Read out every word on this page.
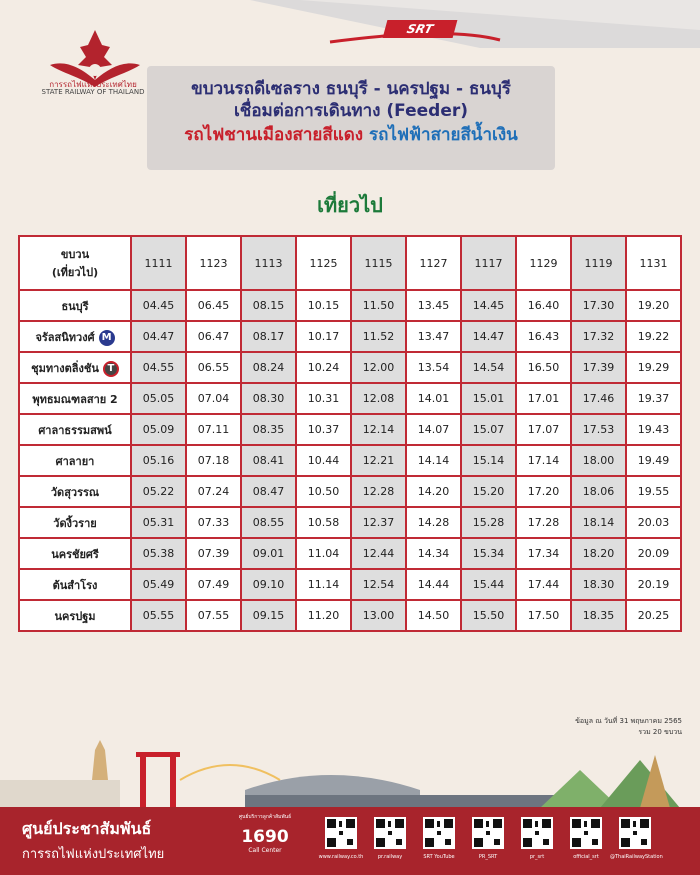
SRT
การรถไฟแห่งประเทศไทย
STATE RAILWAY OF THAILAND	ขบวนรถดีเซลราง ธนบุรี - นครปฐม - ธนบุรี
เชื่อมต่อการเดินทาง (Feeder)
รถไฟชานเมืองสายสีแดง รถไฟฟ้าสายสีน้ำเงิน
เที่ยวไป
ขบวน
(เที่ยวไป)	1111	1123	1113	1125	1115	1127	1117	1129	1119	1131
ธนบุรี	04.45	06.45	08.15	10.15	11.50	13.45	14.45	16.40	17.30	19.20
จรัลสนิทวงศ์ M	04.47	06.47	08.17	10.17	11.52	13.47	14.47	16.43	17.32	19.22
ชุมทางตลิ่งชัน T	04.55	06.55	08.24	10.24	12.00	13.54	14.54	16.50	17.39	19.29
พุทธมณฑลสาย 2	05.05	07.04	08.30	10.31	12.08	14.01	15.01	17.01	17.46	19.37
ศาลาธรรมสพน์	05.09	07.11	08.35	10.37	12.14	14.07	15.07	17.07	17.53	19.43
ศาลายา	05.16	07.18	08.41	10.44	12.21	14.14	15.14	17.14	18.00	19.49
วัดสุวรรณ	05.22	07.24	08.47	10.50	12.28	14.20	15.20	17.20	18.06	19.55
วัดงิ้วราย	05.31	07.33	08.55	10.58	12.37	14.28	15.28	17.28	18.14	20.03
นครชัยศรี	05.38	07.39	09.01	11.04	12.44	14.34	15.34	17.34	18.20	20.09
ต้นสำโรง	05.49	07.49	09.10	11.14	12.54	14.44	15.44	17.44	18.30	20.19
นครปฐม	05.55	07.55	09.15	11.20	13.00	14.50	15.50	17.50	18.35	20.25
ข้อมูล ณ วันที่ 31 พฤษภาคม 2565
รวม 20 ขบวน
ศูนย์ประชาสัมพันธ์
การรถไฟแห่งประเทศไทย
ศูนย์บริการลูกค้าสัมพันธ์
1690
Call Center
www.railway.co.th	pr.railway	SRT YouTube	PR_SRT	pr_srt	official_srt	@ThaiRailwayStation
